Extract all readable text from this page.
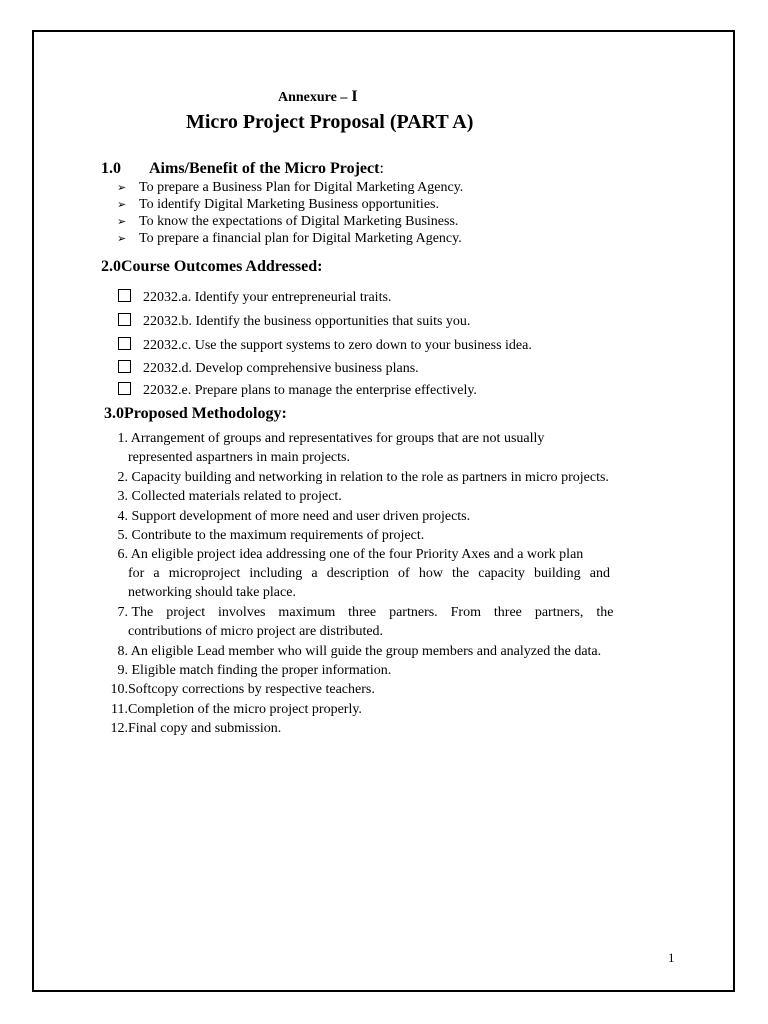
Annexure – I
Micro Project Proposal (PART A)
1.0 Aims/Benefit of the Micro Project:
➢ To prepare a Business Plan for Digital Marketing Agency.
➢ To identify Digital Marketing Business opportunities.
➢ To know the expectations of Digital Marketing Business.
➢ To prepare a financial plan for Digital Marketing Agency.
2.0Course Outcomes Addressed:
22032.a. Identify your entrepreneurial traits.
22032.b. Identify the business opportunities that suits you.
22032.c. Use the support systems to zero down to your business idea.
22032.d. Develop comprehensive business plans.
22032.e. Prepare plans to manage the enterprise effectively.
3.0Proposed Methodology:
1. Arrangement of groups and representatives for groups that are not usually
represented aspartners in main projects.
2. Capacity building and networking in relation to the role as partners in micro projects.
3. Collected materials related to project.
4. Support development of more need and user driven projects.
5. Contribute to the maximum requirements of project.
6. An eligible project idea addressing one of the four Priority Axes and a work plan
for a microproject including a description of how the capacity building and
networking should take place.
7. The project involves maximum three partners. From three partners, the
contributions of micro project are distributed.
8. An eligible Lead member who will guide the group members and analyzed the data.
9. Eligible match finding the proper information.
10.Softcopy corrections by respective teachers.
11.Completion of the micro project properly.
12.Final copy and submission.
1
